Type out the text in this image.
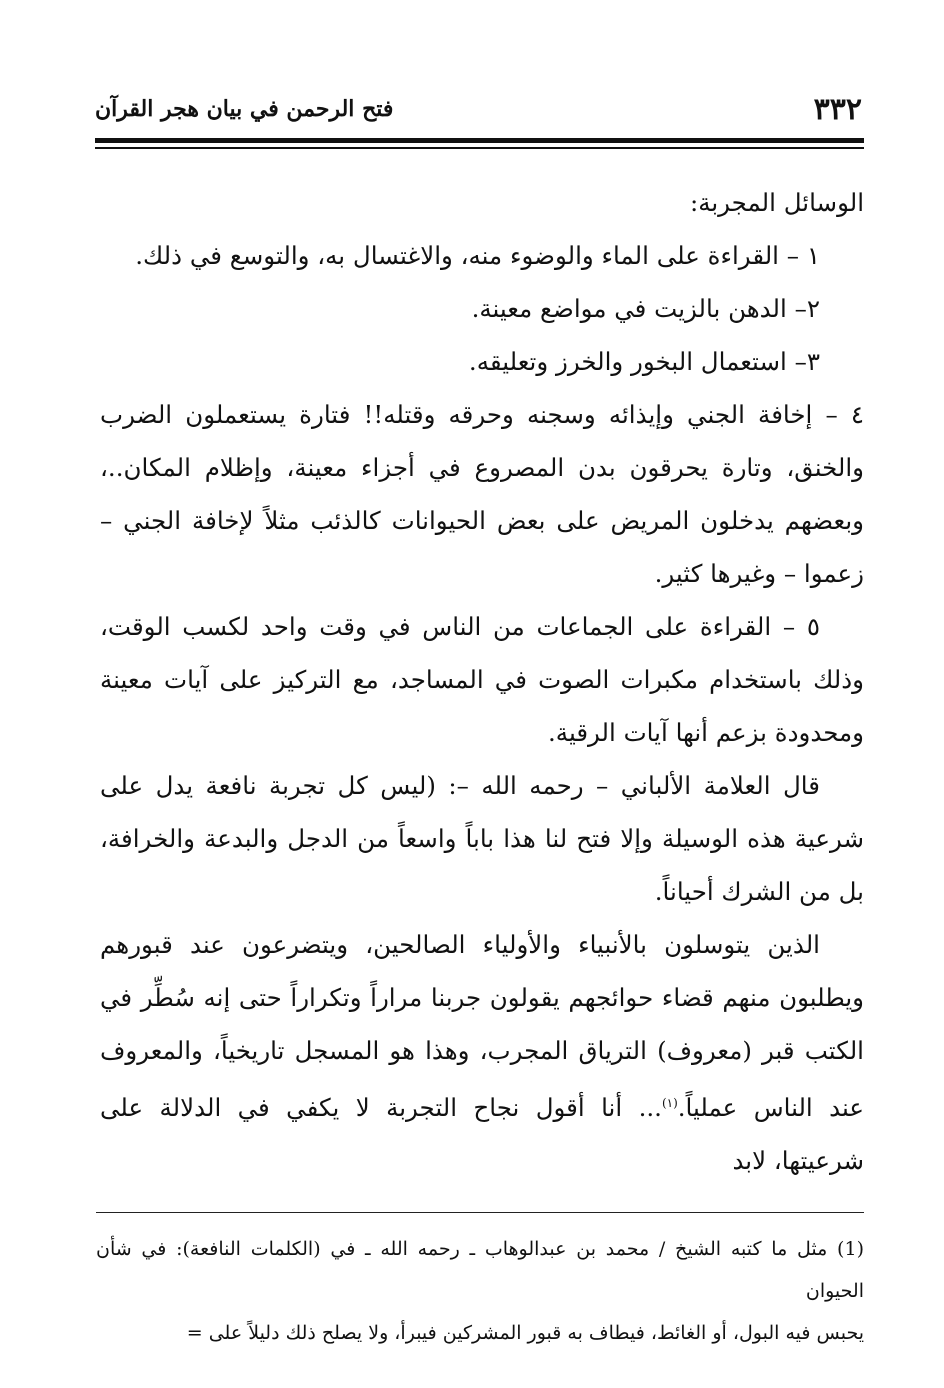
٣٣٢
فتح الرحمن في بيان هجر القرآن

الوسائل المجربة:

١ – القراءة على الماء والوضوء منه، والاغتسال به، والتوسع في ذلك.

٢– الدهن بالزيت في مواضع معينة.

٣– استعمال البخور والخرز وتعليقه.

٤ – إخافة الجني وإيذائه وسجنه وحرقه وقتله!! فتارة يستعملون الضرب والخنق، وتارة يحرقون بدن المصروع في أجزاء معينة، وإظلام المكان..، وبعضهم يدخلون المريض على بعض الحيوانات كالذئب مثلاً لإخافة الجني – زعموا – وغيرها كثير.

٥ – القراءة على الجماعات من الناس في وقت واحد لكسب الوقت، وذلك باستخدام مكبرات الصوت في المساجد، مع التركيز على آيات معينة ومحدودة بزعم أنها آيات الرقية.

قال العلامة الألباني – رحمه الله –: (ليس كل تجربة نافعة يدل على شرعية هذه الوسيلة وإلا فتح لنا هذا باباً واسعاً من الدجل والبدعة والخرافة، بل من الشرك أحياناً.

الذين يتوسلون بالأنبياء والأولياء الصالحين، ويتضرعون عند قبورهم ويطلبون منهم قضاء حوائجهم يقولون جربنا مراراً وتكراراً حتى إنه سُطِّر في الكتب قبر (معروف) الترياق المجرب، وهذا هو المسجل تاريخياً، والمعروف عند الناس عملياً.$^{(١)}$... أنا أقول نجاح التجربة لا يكفي في الدلالة على شرعيتها، لابد

(1) مثل ما كتبه الشيخ / محمد بن عبدالوهاب ـ رحمه الله ـ في (الكلمات النافعة): في شأن الحيوان

يحبس فيه البول، أو الغائط، فيطاف به قبور المشركين فيبرأ، ولا يصلح ذلك دليلاً على =
